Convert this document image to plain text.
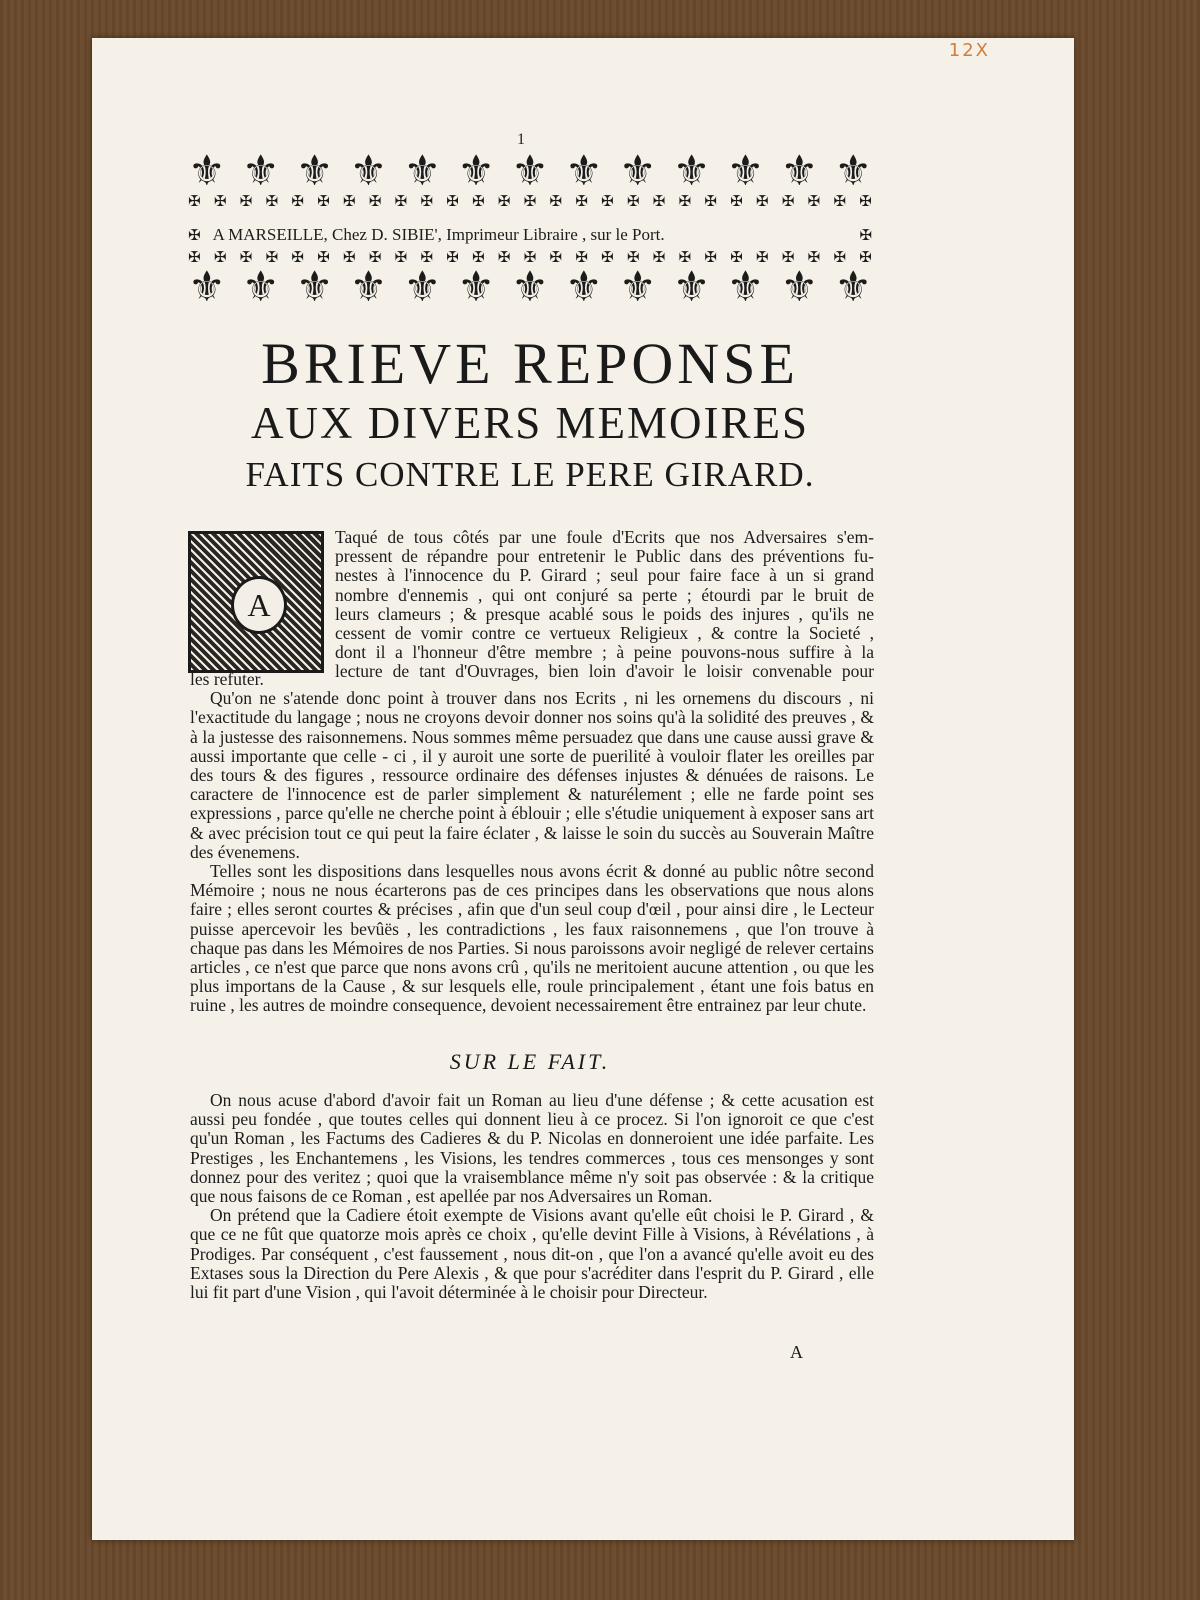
12X
1
⚜ ⚜ ⚜ ⚜ ⚜ ⚜ ⚜ ⚜ ⚜ ⚜ ⚜ ⚜ ⚜
✠ ✠ ✠ ✠ ✠ ✠ ✠ ✠ ✠ ✠ ✠ ✠ ✠ ✠ ✠ ✠ ✠ ✠ ✠ ✠ ✠ ✠ ✠ ✠ ✠ ✠ ✠
✠ A MARSEILLE, Chez D. SIBIE', Imprimeur Libraire , sur le Port.	✠
✠ ✠ ✠ ✠ ✠ ✠ ✠ ✠ ✠ ✠ ✠ ✠ ✠ ✠ ✠ ✠ ✠ ✠ ✠ ✠ ✠ ✠ ✠ ✠ ✠ ✠ ✠
⚜ ⚜ ⚜ ⚜ ⚜ ⚜ ⚜ ⚜ ⚜ ⚜ ⚜ ⚜ ⚜
BRIEVE REPONSE
AUX DIVERS MEMOIRES
FAITS CONTRE LE PERE GIRARD.
A
Taqué de tous côtés par une foule d'Ecrits que nos Adversaires s'em-
pressent de répandre pour entretenir le Public dans des préventions fu-
nestes à l'innocence du P. Girard ; seul pour faire face à un si grand
nombre d'ennemis , qui ont conjuré sa perte ; étourdi par le bruit de
leurs clameurs ; & presque acablé sous le poids des injures , qu'ils ne
cessent de vomir contre ce vertueux Religieux , & contre la Societé ,
dont il a l'honneur d'être membre ; à peine pouvons-nous suffire à la
lecture de tant d'Ouvrages, bien loin d'avoir le loisir convenable pour
les refuter.

Qu'on ne s'atende donc point à trouver dans nos Ecrits , ni les ornemens du discours , ni l'exactitude du langage ; nous ne croyons devoir donner nos soins qu'à la solidité des preuves , & à la justesse des raisonnemens. Nous sommes même persuadez que dans une cause aussi grave & aussi importante que celle - ci , il y auroit une sorte de puerilité à vouloir flater les oreilles par des tours & des figures , ressource ordinaire des défenses injustes & dénuées de raisons. Le caractere de l'innocence est de parler simplement & naturélement ; elle ne farde point ses expressions , parce qu'elle ne cherche point à éblouir ; elle s'étudie uniquement à exposer sans art & avec précision tout ce qui peut la faire éclater , & laisse le soin du succès au Souverain Maître des évenemens.

Telles sont les dispositions dans lesquelles nous avons écrit & donné au public nôtre second Mémoire ; nous ne nous écarterons pas de ces principes dans les observations que nous alons faire ; elles seront courtes & précises , afin que d'un seul coup d'œil , pour ainsi dire , le Lecteur puisse apercevoir les bevûës , les contradictions , les faux raisonnemens , que l'on trouve à chaque pas dans les Mémoires de nos Parties. Si nous paroissons avoir negligé de relever certains articles , ce n'est que parce que nons avons crû , qu'ils ne meritoient aucune attention , ou que les plus importans de la Cause , & sur lesquels elle, roule principalement , étant une fois batus en ruine , les autres de moindre consequence, devoient necessairement être entrainez par leur chute.

SUR LE FAIT.

On nous acuse d'abord d'avoir fait un Roman au lieu d'une défense ; & cette acusation est aussi peu fondée , que toutes celles qui donnent lieu à ce procez. Si l'on ignoroit ce que c'est qu'un Roman , les Factums des Cadieres & du P. Nicolas en donneroient une idée parfaite. Les Prestiges , les Enchantemens , les Visions, les tendres commerces , tous ces mensonges y sont donnez pour des veritez ; quoi que la vraisemblance même n'y soit pas observée : & la critique que nous faisons de ce Roman , est apellée par nos Adversaires un Roman.

On prétend que la Cadiere étoit exempte de Visions avant qu'elle eût choisi le P. Girard , & que ce ne fût que quatorze mois après ce choix , qu'elle devint Fille à Visions, à Révélations , à Prodiges. Par conséquent , c'est faussement , nous dit-on , que l'on a avancé qu'elle avoit eu des Extases sous la Direction du Pere Alexis , & que pour s'acréditer dans l'esprit du P. Girard , elle lui fit part d'une Vision , qui l'avoit déterminée à le choisir pour Directeur.

A
